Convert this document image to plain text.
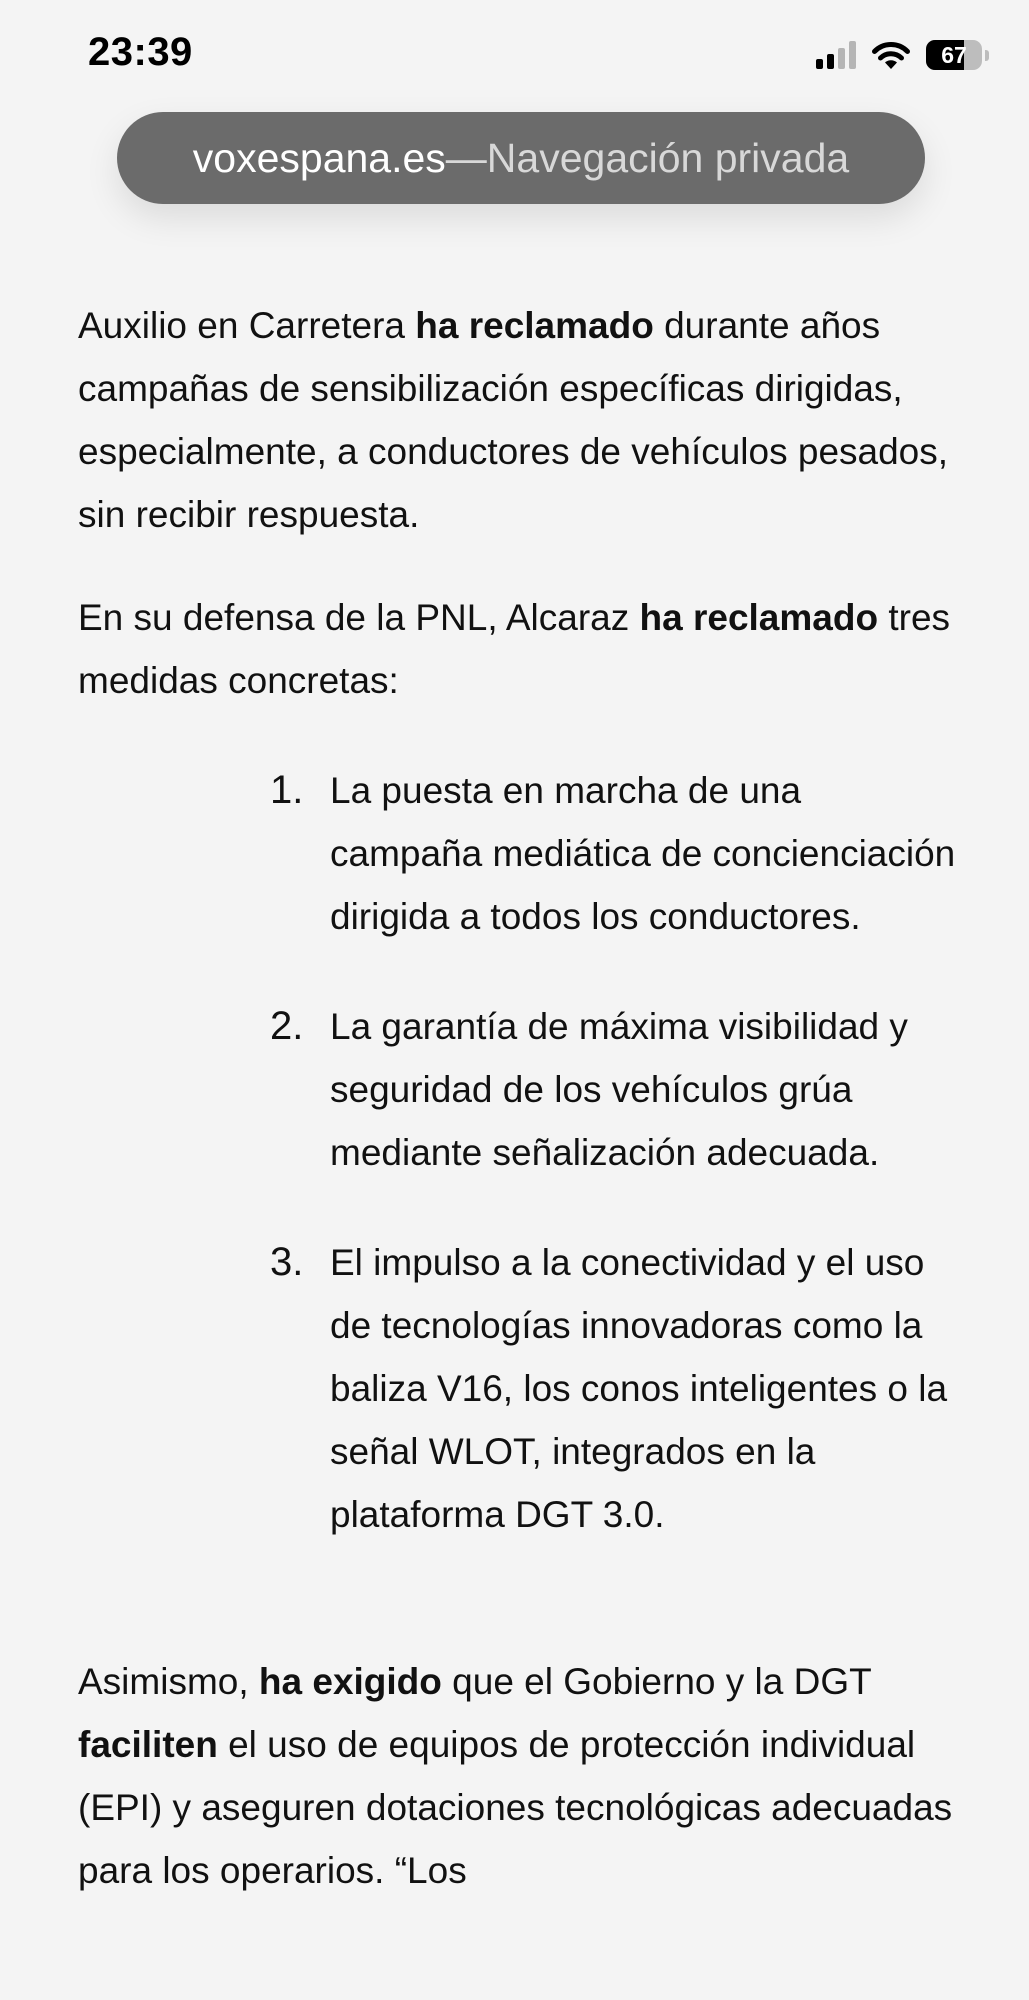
23:39	67
voxespana.es — Navegación privada

Auxilio en Carretera ha reclamado durante años campañas de sensibilización específicas dirigidas, especialmente, a conductores de vehículos pesados, sin recibir respuesta.

En su defensa de la PNL, Alcaraz ha reclamado tres medidas concretas:

1. La puesta en marcha de una campaña mediática de concienciación dirigida a todos los conductores.
2. La garantía de máxima visibilidad y seguridad de los vehículos grúa mediante señalización adecuada.
3. El impulso a la conectividad y el uso de tecnologías innovadoras como la baliza V16, los conos inteligentes o la señal WLOT, integrados en la plataforma DGT 3.0.

Asimismo, ha exigido que el Gobierno y la DGT faciliten el uso de equipos de protección individual (EPI) y aseguren dotaciones tecnológicas adecuadas para los operarios. “Los
